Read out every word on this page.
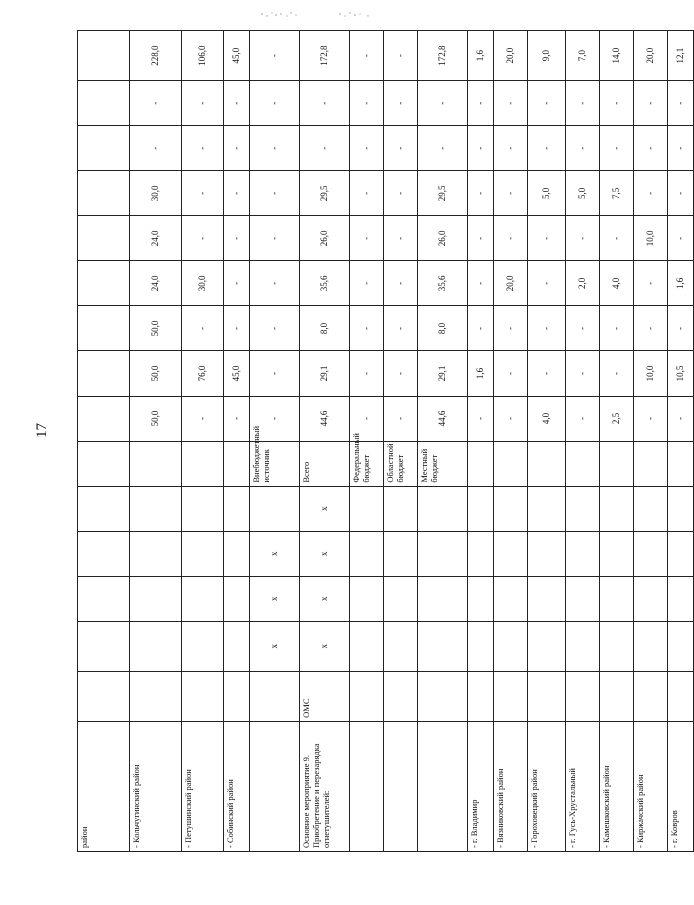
17
район															
- Кольчугинский район							50,0	50,0	50,0	24,0	24,0	30,0	-	-	228,0
- Петушинский район							-	76,0	-	30,0	-	-	-	-	106,0
- Собинский район							-	45,0	-	-	-	-	-	-	45,0
		х	х	х		Внебюджетный источник	-	-	-	-	-	-	-	-	-
Основное мероприятие 9. Приобретение и перезарядка огнетушителей:	ОМС	х	х	х	х	Всего	44,6	29,1	8,0	35,6	26,0	29,5	-	-	172,8
						Федеральный бюджет	-	-	-	-	-	-	-	-	-
						Областной бюджет	-	-	-	-	-	-	-	-	-
						Местный бюджет	44,6	29,1	8,0	35,6	26,0	29,5	-	-	172,8
- г. Владимир							-	1,6	-	-	-	-	-	-	1,6
- Вязниковский район							-	-	-	20,0	-	-	-	-	20,0
- Гороховецкий район							4,0	-	-	-	-	5,0	-	-	9,0
- г. Гусь-Хрустальный							-	-	-	2,0	-	5,0	-	-	7,0
- Камешковский район							2,5	-	-	4,0	-	7,5	-	-	14,0
- Киржачский район							-	10,0	-	-	10,0	-	-	-	20,0
- г. Ковров							-	10,5	-	1,6	-	-	-	-	12,1
